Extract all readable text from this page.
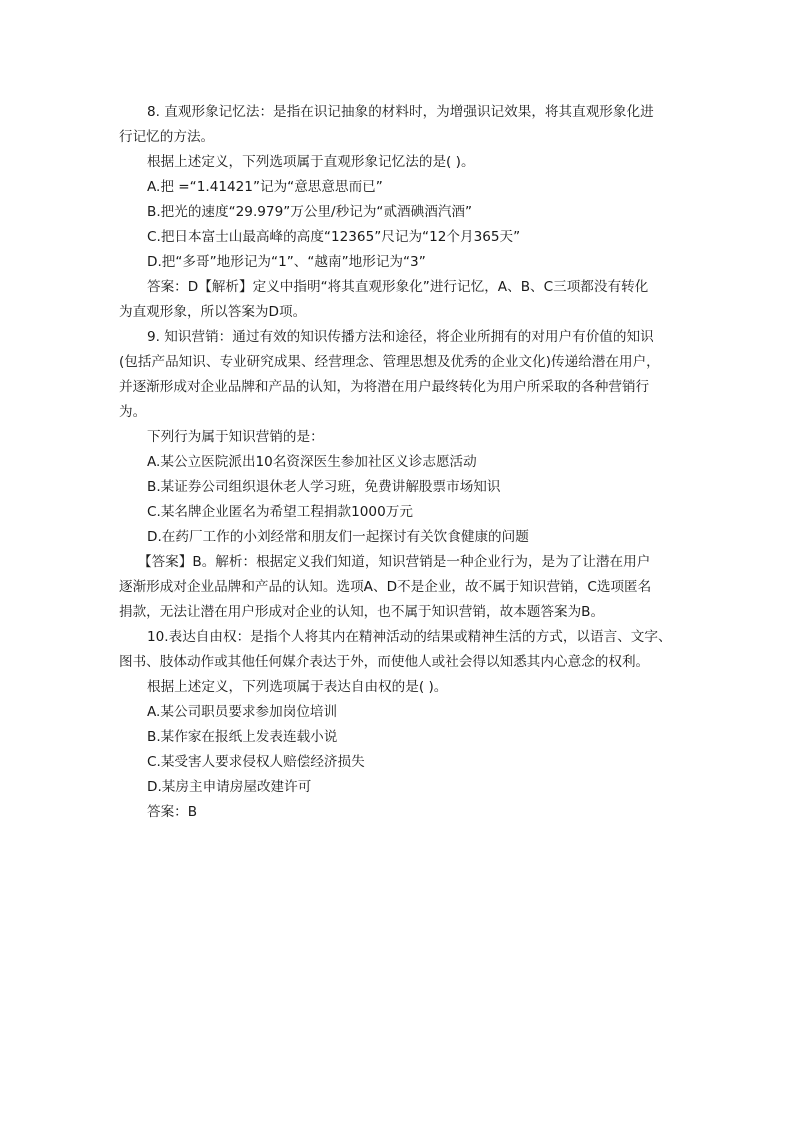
8. 直观形象记忆法：是指在识记抽象的材料时，为增强识记效果，将其直观形象化进
行记忆的方法。
根据上述定义，下列选项属于直观形象记忆法的是( )。
A.把 =“1.41421”记为“意思意思而已”
B.把光的速度“29.979”万公里/秒记为“贰酒碘酒汽酒”
C.把日本富士山最高峰的高度“12365”尺记为“12个月365天”
D.把“多哥”地形记为“1”、“越南”地形记为“3”
答案：D【解析】定义中指明“将其直观形象化”进行记忆，A、B、C三项都没有转化
为直观形象，所以答案为D项。
9. 知识营销：通过有效的知识传播方法和途径，将企业所拥有的对用户有价值的知识
(包括产品知识、专业研究成果、经营理念、管理思想及优秀的企业文化)传递给潜在用户，
并逐渐形成对企业品牌和产品的认知，为将潜在用户最终转化为用户所采取的各种营销行
为。
下列行为属于知识营销的是：
A.某公立医院派出10名资深医生参加社区义诊志愿活动
B.某证券公司组织退休老人学习班，免费讲解股票市场知识
C.某名牌企业匿名为希望工程捐款1000万元
D.在药厂工作的小刘经常和朋友们一起探讨有关饮食健康的问题
【答案】B。解析：根据定义我们知道，知识营销是一种企业行为，是为了让潜在用户
逐渐形成对企业品牌和产品的认知。选项A、D不是企业，故不属于知识营销，C选项匿名
捐款，无法让潜在用户形成对企业的认知，也不属于知识营销，故本题答案为B。
10.表达自由权：是指个人将其内在精神活动的结果或精神生活的方式，以语言、文字、
图书、肢体动作或其他任何媒介表达于外，而使他人或社会得以知悉其内心意念的权利。
根据上述定义，下列选项属于表达自由权的是( )。
A.某公司职员要求参加岗位培训
B.某作家在报纸上发表连载小说
C.某受害人要求侵权人赔偿经济损失
D.某房主申请房屋改建许可
答案：B
